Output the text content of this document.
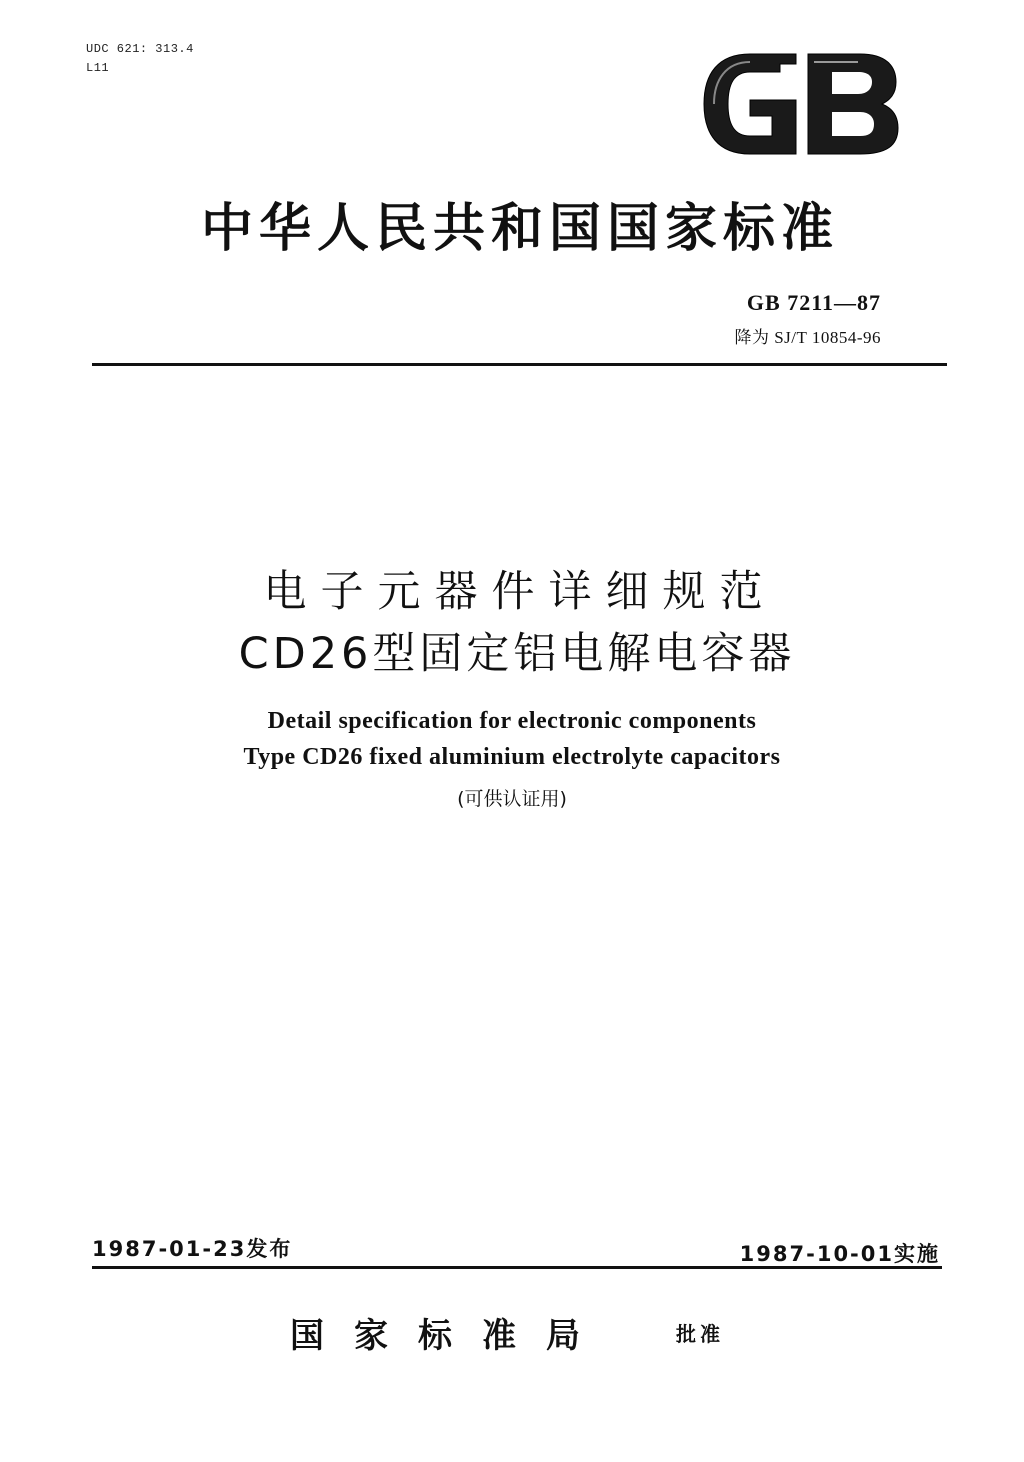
UDC 621: 313.4
L11
中华人民共和国国家标准
GB 7211—87
降为 SJ/T 10854-96
电子元器件详细规范
CD26型固定铝电解电容器
Detail specification for electronic components
Type CD26 fixed aluminium electrolyte capacitors
(可供认证用)
1987-01-23发布	1987-10-01实施
国家标准局	批准
